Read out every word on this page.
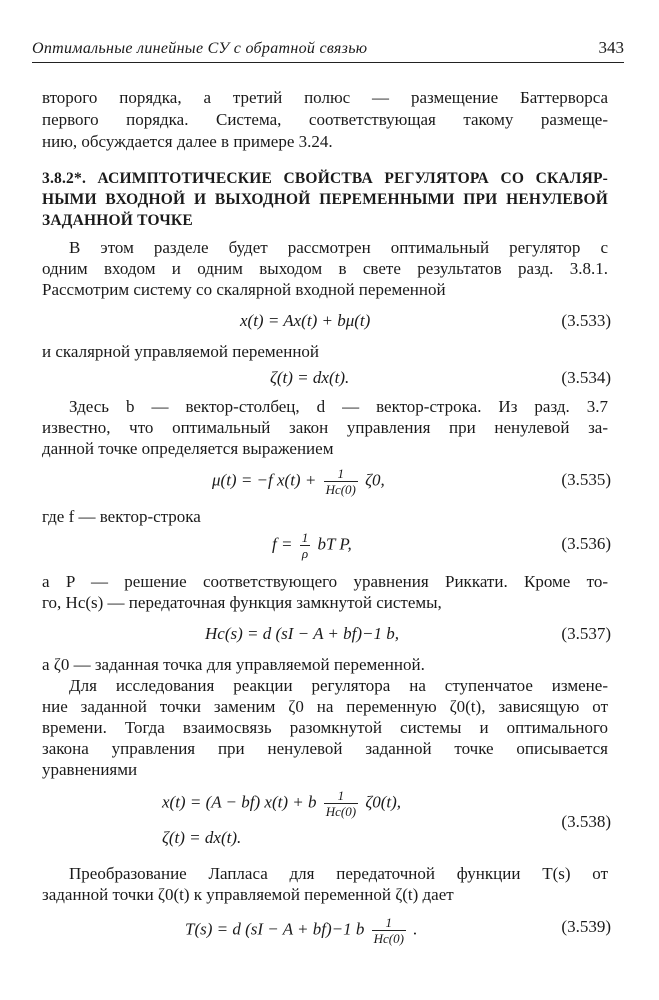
Оптимальные линейные СУ с обратной связью	343
второго порядка, а третий полюс — размещение Баттерворса
первого порядка. Система, соответствующая такому размеще-
нию, обсуждается далее в примере 3.24.
3.8.2*. АСИМПТОТИЧЕСКИЕ СВОЙСТВА РЕГУЛЯТОРА СО СКАЛЯР-
НЫМИ ВХОДНОЙ И ВЫХОДНОЙ ПЕРЕМЕННЫМИ ПРИ НЕНУЛЕВОЙ
ЗАДАННОЙ ТОЧКЕ
В этом разделе будет рассмотрен оптимальный регулятор с
одним входом и одним выходом в свете результатов разд. 3.8.1.
Рассмотрим систему со скалярной входной переменной
x(t) = Ax(t) + bμ(t)	(3.533)
и скалярной управляемой переменной
ζ(t) = dx(t).	(3.534)
Здесь b — вектор-столбец, d — вектор-строка. Из разд. 3.7
известно, что оптимальный закон управления при ненулевой за-
данной точке определяется выражением
μ(t) = −f $x(t) + \frac{1}{Hc(0)} \zeta 0$,	(3.535)
где f — вектор-строка
$f = \frac{1}{\rho}$ bT P,	(3.536)
а P — решение соответствующего уравнения Риккати. Кроме то-
го, Hc(s) — передаточная функция замкнутой системы,
Hc(s) = d (sI − A + bf)−1 b,	(3.537)
а ζ0 — заданная точка для управляемой переменной.
Для исследования реакции регулятора на ступенчатое измене-
ние заданной точки заменим ζ0 на переменную ζ0(t), зависящую от
времени. Тогда взаимосвязь разомкнутой системы и оптимального
закона управления при ненулевой заданной точке описывается
уравнениями
x(t) = (A − bf) x(t) + b $\frac{1}{Hc(0)} \zeta 0(t)$,
ζ(t) = dx(t).
(3.538)
Преобразование Лапласа для передаточной функции T(s) от
заданной точки ζ0(t) к управляемой переменной ζ(t) дает
T(s) = d (sI − A + bf)−1 b $\frac{1}{Hc(0)}$ .	(3.539)
